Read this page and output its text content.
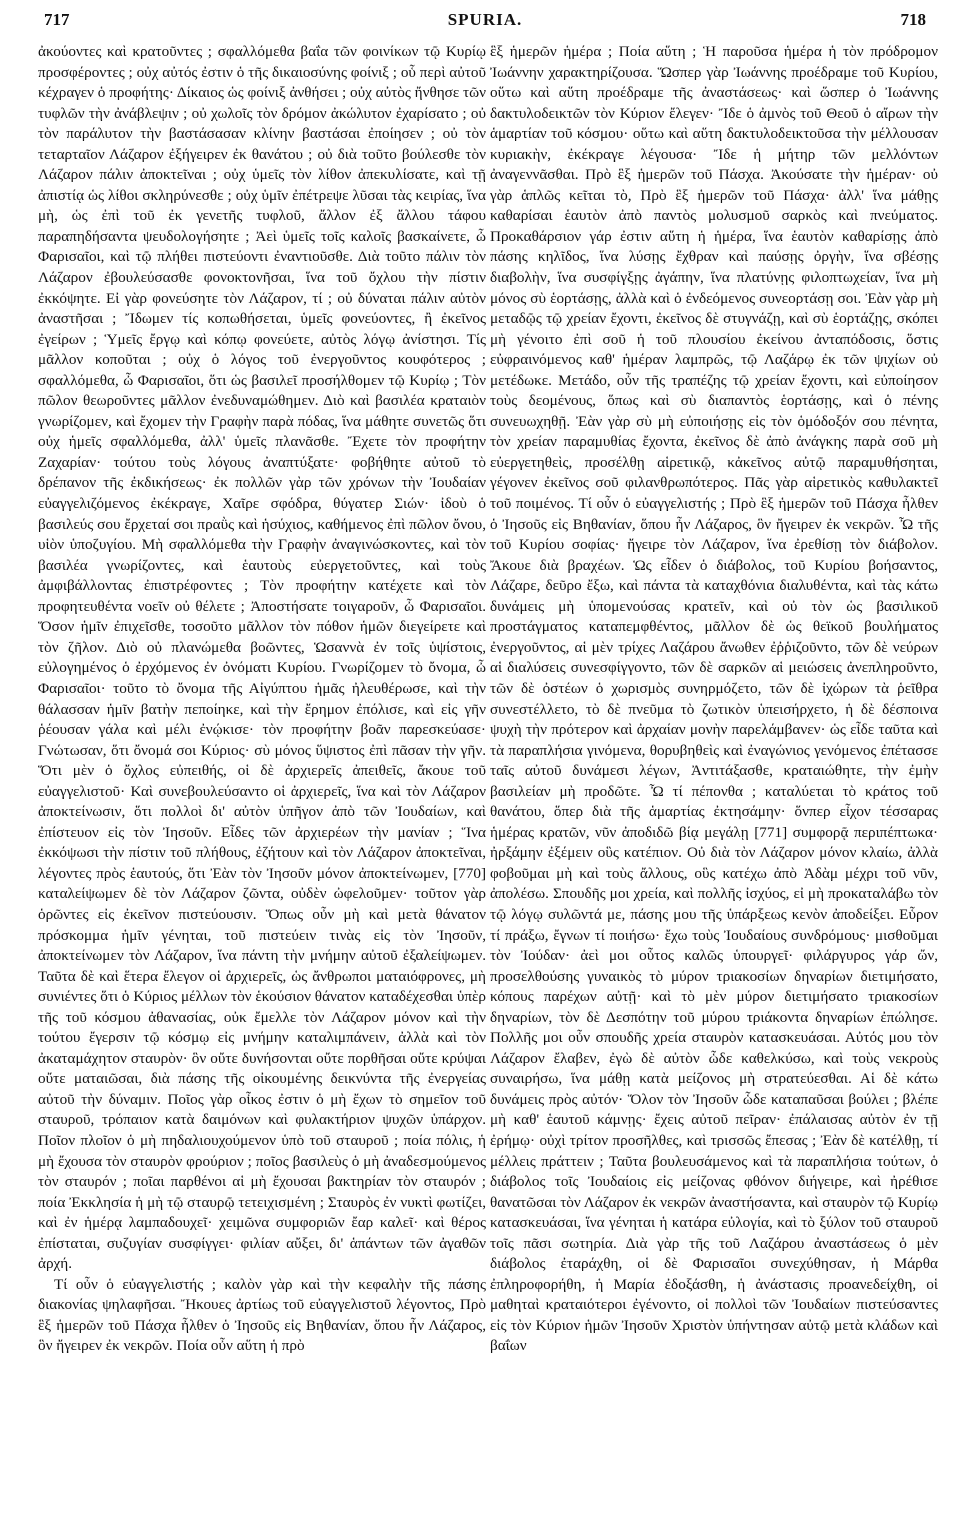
717	SPURIA.	718

ἀκούοντες καὶ κρατοῦντες ; σφαλλόμεθα βαΐα τῶν φοινίκων τῷ Κυρίῳ προσφέροντες ; οὐχ αὐτός ἐστιν ὁ τῆς δικαιοσύνης φοίνιξ ; οὗ περὶ αὐτοῦ κέχραγεν ὁ προφήτης· Δίκαιος ὡς φοίνιξ ἀνθήσει ; οὐχ αὐτὸς ἤνθησε τῶν τυφλῶν τὴν ἀνάβλεψιν ; οὐ χωλοῖς τὸν δρόμον ἀκώλυτον ἐχαρίσατο ; οὐ τὸν παράλυτον τὴν βαστάσασαν κλίνην βαστάσαι ἐποίησεν ; οὐ τὸν τεταρταῖον Λάζαρον ἐξήγειρεν ἐκ θανάτου ; οὐ διὰ τοῦτο βούλεσθε τὸν Λάζαρον πάλιν ἀποκτεῖναι ; οὐχ ὑμεῖς τὸν λίθον ἀπεκυλίσατε, καὶ τῇ ἀπιστίᾳ ὡς λίθοι σκληρύνεσθε ; οὐχ ὑμῖν ἐπέτρεψε λῦσαι τὰς κειρίας, ἵνα μὴ, ὡς ἐπὶ τοῦ ἐκ γενετῆς τυφλοῦ, ἄλλον ἐξ ἄλλου τάφου παραπηδήσαντα ψευδολογήσητε ; Ἀεὶ ὑμεῖς τοῖς καλοῖς βασκαίνετε, ὦ Φαρισαῖοι, καὶ τῷ πλήθει πιστεύοντι ἐναντιοῦσθε. Διὰ τοῦτο πάλιν τὸν Λάζαρον ἐβουλεύσασθε φονοκτονῆσαι, ἵνα τοῦ ὄχλου τὴν πίστιν ἐκκόψητε. Εἰ γὰρ φονεύσητε τὸν Λάζαρον, τί ; οὐ δύναται πάλιν αὐτὸν ἀναστῆσαι ; Ἴδωμεν τίς κοπωθήσεται, ὑμεῖς φονεύοντες, ἢ ἐκεῖνος ἐγείρων ; Ὑμεῖς ἔργῳ καὶ κόπῳ φονεύετε, αὐτὸς λόγῳ ἀνίστησι. Τίς μᾶλλον κοποῦται ; οὐχ ὁ λόγος τοῦ ἐνεργοῦντος κουφότερος ; σφαλλόμεθα, ὦ Φαρισαῖοι, ὅτι ὡς βασιλεῖ προσήλθομεν τῷ Κυρίῳ ; Τὸν πῶλον θεωροῦντες μᾶλλον ἐνεδυναμώθημεν. Διὸ καὶ βασιλέα κραταιὸν γνωρίζομεν, καὶ ἔχομεν τὴν Γραφὴν παρὰ πόδας, ἵνα μάθητε συνετῶς ὅτι οὐχ ἡμεῖς σφαλλόμεθα, ἀλλ' ὑμεῖς πλανᾶσθε. Ἔχετε τὸν προφήτην Ζαχαρίαν· τούτου τοὺς λόγους ἀναπτύξατε· φοβήθητε αὐτοῦ τὸ δρέπανον τῆς ἐκδικήσεως· ἐκ πολλῶν γὰρ τῶν χρόνων τὴν Ἰουδαίαν εὐαγγελιζόμενος ἐκέκραγε, Χαῖρε σφόδρα, θύγατερ Σιών· ἰδοὺ ὁ βασιλεύς σου ἔρχεταί σοι πραῢς καὶ ἡσύχιος, καθήμενος ἐπὶ πῶλον ὄνου, υἱὸν ὑποζυγίου. Μὴ σφαλλόμεθα τὴν Γραφὴν ἀναγινώσκοντες, καὶ τὸν βασιλέα γνωρίζοντες, καὶ ἑαυτοὺς εὐεργετοῦντες, καὶ τοὺς ἀμφιβάλλοντας ἐπιστρέφοντες ; Τὸν προφήτην κατέχετε καὶ τὸν προφητευθέντα νοεῖν οὐ θέλετε ; Ἀποστήσατε τοιγαροῦν, ὦ Φαρισαῖοι. Ὅσον ἡμῖν ἐπιχεῖσθε, τοσοῦτο μᾶλλον τὸν πόθον ἡμῶν διεγείρετε καὶ τὸν ζῆλον. Διὸ οὐ πλανώμεθα βοῶντες, Ὡσαννὰ ἐν τοῖς ὑψίστοις, εὐλογημένος ὁ ἐρχόμενος ἐν ὀνόματι Κυρίου. Γνωρίζομεν τὸ ὄνομα, ὦ Φαρισαῖοι· τοῦτο τὸ ὄνομα τῆς Αἰγύπτου ἡμᾶς ἠλευθέρωσε, καὶ τὴν θάλασσαν ἡμῖν βατὴν πεποίηκε, καὶ τὴν ἔρημον ἐπόλισε, καὶ εἰς γῆν ῥέουσαν γάλα καὶ μέλι ἐνῴκισε· τὸν προφήτην βοᾶν παρεσκεύασε· Γνώτωσαν, ὅτι ὄνομά σοι Κύριος· σὺ μόνος ὕψιστος ἐπὶ πᾶσαν τὴν γῆν. Ὅτι μὲν ὁ ὄχλος εὐπειθής, οἱ δὲ ἀρχιερεῖς ἀπειθεῖς, ἄκουε τοῦ εὐαγγελιστοῦ· Καὶ συνεβουλεύσαντο οἱ ἀρχιερεῖς, ἵνα καὶ τὸν Λάζαρον ἀποκτείνωσιν, ὅτι πολλοὶ δι' αὐτὸν ὑπῆγον ἀπὸ τῶν Ἰουδαίων, καὶ ἐπίστευον εἰς τὸν Ἰησοῦν. Εἶδες τῶν ἀρχιερέων τὴν μανίαν ; Ἵνα ἐκκόψωσι τὴν πίστιν τοῦ πλήθους, ἐζήτουν καὶ τὸν Λάζαρον ἀποκτεῖναι, λέγοντες πρὸς ἑαυτούς, ὅτι Ἐὰν τὸν Ἰησοῦν μόνον ἀποκτείνωμεν, [770] καταλείψωμεν δὲ τὸν Λάζαρον ζῶντα, οὐδὲν ὠφελοῦμεν· τοῦτον γὰρ ὁρῶντες εἰς ἐκεῖνον πιστεύουσιν. Ὅπως οὖν μὴ καὶ μετὰ θάνατον πρόσκομμα ἡμῖν γένηται, τοῦ πιστεύειν τινὰς εἰς τὸν Ἰησοῦν, ἀποκτείνωμεν τὸν Λάζαρον, ἵνα πάντη τὴν μνήμην αὐτοῦ ἐξαλείψωμεν. Ταῦτα δὲ καὶ ἕτερα ἔλεγον οἱ ἀρχιερεῖς, ὡς ἄνθρωποι ματαιόφρονες, μὴ συνιέντες ὅτι ὁ Κύριος μέλλων τὸν ἑκούσιον θάνατον καταδέχεσθαι ὑπὲρ τῆς τοῦ κόσμου ἀθανασίας, οὐκ ἔμελλε τὸν Λάζαρον μόνον καὶ τὴν τούτου ἔγερσιν τῷ κόσμῳ εἰς μνήμην καταλιμπάνειν, ἀλλὰ καὶ τὸν ἀκαταμάχητον σταυρὸν· ὃν οὔτε δυνήσονται οὔτε πορθῆσαι οὔτε κρύψαι οὔτε ματαιῶσαι, διὰ πάσης τῆς οἰκουμένης δεικνύντα τῆς ἐνεργείας αὐτοῦ τὴν δύναμιν. Ποῖος γὰρ οἶκος ἐστιν ὁ μὴ ἔχων τὸ σημεῖον τοῦ σταυροῦ, τρόπαιον κατὰ δαιμόνων καὶ φυλακτήριον ψυχῶν ὑπάρχον. Ποῖον πλοῖον ὁ μὴ πηδαλιουχούμενον ὑπὸ τοῦ σταυροῦ ; ποία πόλις, ἡ μὴ ἔχουσα τὸν σταυρὸν φρούριον ; ποῖος βασιλεὺς ὁ μὴ ἀναδεσμούμενος τὸν σταυρόν ; ποῖαι παρθένοι αἱ μὴ ἔχουσαι βακτηρίαν τὸν σταυρόν ; ποία Ἐκκλησία ἡ μὴ τῷ σταυρῷ τετειχισμένη ; Σταυρὸς ἐν νυκτὶ φωτίζει, καὶ ἐν ἡμέρᾳ λαμπαδουχεῖ· χειμῶνα συμφοριῶν ἔαρ καλεῖ· καὶ θέρος ἐπίσταται, συζυγίαν συσφίγγει· φιλίαν αὔξει, δι' ἁπάντων τῶν ἀγαθῶν ἀρχή.

Τί οὖν ὁ εὐαγγελιστής ; καλὸν γὰρ καὶ τὴν κεφαλὴν τῆς πάσης διακονίας ψηλαφῆσαι. Ἤκουες ἀρτίως τοῦ εὐαγγελιστοῦ λέγοντος, Πρὸ ἓξ ἡμερῶν τοῦ Πάσχα ἦλθεν ὁ Ἰησοῦς εἰς Βηθανίαν, ὅπου ἦν Λάζαρος, ὃν ἤγειρεν ἐκ νεκρῶν. Ποία οὖν αὕτη ἡ πρὸ

ἓξ ἡμερῶν ἡμέρα ; Ποία αὕτη ; Ἡ παροῦσα ἡμέρα ἡ τὸν πρόδρομον Ἰωάννην χαρακτηρίζουσα. Ὥσπερ γὰρ Ἰωάννης προέδραμε τοῦ Κυρίου, οὕτω καὶ αὕτη προέδραμε τῆς ἀναστάσεως· καὶ ὥσπερ ὁ Ἰωάννης δακτυλοδεικτῶν τὸν Κύριον ἔλεγεν· Ἴδε ὁ ἀμνὸς τοῦ Θεοῦ ὁ αἴρων τὴν ἁμαρτίαν τοῦ κόσμου· οὕτω καὶ αὕτη δακτυλοδεικτοῦσα τὴν μέλλουσαν κυριακὴν, ἐκέκραγε λέγουσα· Ἴδε ἡ μήτηρ τῶν μελλόντων ἀναγεννᾶσθαι. Πρὸ ἓξ ἡμερῶν τοῦ Πάσχα. Ἀκούσατε τὴν ἡμέραν· οὐ γὰρ ἁπλῶς κεῖται τὸ, Πρὸ ἓξ ἡμερῶν τοῦ Πάσχα· ἀλλ' ἵνα μάθῃς καθαρίσαι ἑαυτὸν ἀπὸ παντὸς μολυσμοῦ σαρκὸς καὶ πνεύματος. Προκαθάρσιον γάρ ἐστιν αὕτη ἡ ἡμέρα, ἵνα ἑαυτὸν καθαρίσῃς ἀπὸ πάσης κηλῖδος, ἵνα λύσῃς ἔχθραν καὶ παύσῃς ὀργὴν, ἵνα σβέσῃς διαβολὴν, ἵνα συσφίγξῃς ἀγάπην, ἵνα πλατύνῃς φιλοπτωχείαν, ἵνα μὴ μόνος σὺ ἑορτάσῃς, ἀλλὰ καὶ ὁ ἐνδεόμενος συνεορτάσῃ σοι. Ἐὰν γὰρ μὴ μεταδῷς τῷ χρείαν ἔχοντι, ἐκεῖνος δὲ στυγνάζῃ, καὶ σὺ ἑορτάζῃς, σκόπει μὴ γένοιτο ἐπὶ σοῦ ἡ τοῦ πλουσίου ἐκείνου ἀνταπόδοσις, ὅστις εὐφραινόμενος καθ' ἡμέραν λαμπρῶς, τῷ Λαζάρῳ ἐκ τῶν ψιχίων οὐ μετέδωκε. Μετάδο, οὖν τῆς τραπέζης τῷ χρείαν ἔχοντι, καὶ εὐποίησον τοὺς δεομένους, ὅπως καὶ σὺ διαπαντὸς ἑορτάσῃς, καὶ ὁ πένης συνευωχηθῇ. Ἐὰν γὰρ σὺ μὴ εὐποιήσῃς εἰς τὸν ὁμόδοξόν σου πένητα, τὸν χρείαν παραμυθίας ἔχοντα, ἐκεῖνος δὲ ἀπὸ ἀνάγκης παρὰ σοῦ μὴ εὐεργετηθεὶς, προσέλθῃ αἱρετικῷ, κἀκεῖνος αὐτῷ παραμυθήσηται, γέγονεν ἐκεῖνος σοῦ φιλανθρωπότερος. Πᾶς γὰρ αἱρετικὸς καθυλακτεῖ τοῦ ποιμένος. Τί οὖν ὁ εὐαγγελιστής ; Πρὸ ἓξ ἡμερῶν τοῦ Πάσχα ἦλθεν ὁ Ἰησοῦς εἰς Βηθανίαν, ὅπου ἦν Λάζαρος, ὃν ἤγειρεν ἐκ νεκρῶν. Ὦ τῆς τοῦ Κυρίου σοφίας· ἤγειρε τὸν Λάζαρον, ἵνα ἐρεθίσῃ τὸν διάβολον. Ἄκουε διὰ βραχέων. Ὡς εἶδεν ὁ διάβολος, τοῦ Κυρίου βοήσαντος, Λάζαρε, δεῦρο ἔξω, καὶ πάντα τὰ καταχθόνια διαλυθέντα, καὶ τὰς κάτω δυνάμεις μὴ ὑπομενούσας κρατεῖν, καὶ οὐ τὸν ὡς βασιλικοῦ προστάγματος καταπεμφθέντος, μᾶλλον δὲ ὡς θεϊκοῦ βουλήματος ἐνεργοῦντος, αἱ μὲν τρίχες Λαζάρου ἄνωθεν ἐῤῥιζοῦντο, τῶν δὲ νεύρων αἱ διαλύσεις συνεσφίγγοντο, τῶν δὲ σαρκῶν αἱ μειώσεις ἀνεπληροῦντο, τῶν δὲ ὀστέων ὁ χωρισμὸς συνηρμόζετο, τῶν δὲ ἰχώρων τὰ ῥεῖθρα συνεστέλλετο, τὸ δὲ πνεῦμα τὸ ζωτικὸν ὑπεισήρχετο, ἡ δὲ δέσποινα ψυχὴ τὴν πρότερον καὶ ἀρχαίαν μονὴν παρελάμβανεν· ὡς εἶδε ταῦτα καὶ τὰ παραπλήσια γινόμενα, θορυβηθεὶς καὶ ἐναγώνιος γενόμενος ἐπέτασσε ταῖς αὐτοῦ δυνάμεσι λέγων, Ἀντιτάξασθε, κραταιώθητε, τὴν ἐμὴν βασιλείαν μὴ προδῶτε. Ὦ τί πέπονθα ; καταλύεται τὸ κράτος τοῦ θανάτου, ὅπερ διὰ τῆς ἁμαρτίας ἐκτησάμην· ὅνπερ εἶχον τέσσαρας ἡμέρας κρατῶν, νῦν ἀποδιδῶ βίᾳ μεγάλῃ [771] συμφορᾷ περιπέπτωκα· ἠρξάμην ἐξέμειν οὓς κατέπιον. Οὐ διὰ τὸν Λάζαρον μόνον κλαίω, ἀλλὰ φοβοῦμαι μὴ καὶ τοὺς ἄλλους, οὓς κατέχω ἀπὸ Ἀδὰμ μέχρι τοῦ νῦν, ἀπολέσω. Σπουδῆς μοι χρεία, καὶ πολλῆς ἰσχύος, εἰ μὴ προκαταλάβω τὸν τῷ λόγῳ συλῶντά με, πάσης μου τῆς ὑπάρξεως κενὸν ἀποδείξει. Εὗρον τί πράξω, ἔγνων τί ποιήσω· ἔχω τοὺς Ἰουδαίους συνδρόμους· μισθοῦμαι τὸν Ἰούδαν· ἀεὶ μοι οὗτος καλῶς ὑπουργεῖ· φιλάργυρος γάρ ὤν, προσελθούσης γυναικὸς τὸ μύρον τριακοσίων δηναρίων διετιμήσατο, κόπους παρέχων αὐτῇ· καὶ τὸ μὲν μύρον διετιμήσατο τριακοσίων δηναρίων, τὸν δὲ Δεσπότην τοῦ μύρου τριάκοντα δηναρίων ἐπώλησε. Πολλῆς μοι οὖν σπουδῆς χρεία σταυρὸν κατασκευάσαι. Αὐτός μου τὸν Λάζαρον ἔλαβεν, ἐγὼ δὲ αὐτὸν ὧδε καθελκύσω, καὶ τοὺς νεκροὺς συναιρήσω, ἵνα μάθῃ κατὰ μείζονος μὴ στρατεύεσθαι. Αἱ δὲ κάτω δυνάμεις πρὸς αὐτόν· Ὅλον τὸν Ἰησοῦν ὧδε καταπαῦσαι βούλει ; βλέπε μὴ καθ' ἑαυτοῦ κάμνῃς· ἔχεις αὐτοῦ πεῖραν· ἐπάλαισας αὐτὸν ἐν τῇ ἐρήμῳ· οὐχὶ τρίτον προσῆλθες, καὶ τρισσῶς ἔπεσας ; Ἐὰν δὲ κατέλθῃ, τί μέλλεις πράττειν ; Ταῦτα βουλευσάμενος καὶ τὰ παραπλήσια τούτων, ὁ διάβολος τοῖς Ἰουδαίοις εἰς μείζονας φθόνον διήγειρε, καὶ ἠρέθισε θανατῶσαι τὸν Λάζαρον ἐκ νεκρῶν ἀναστήσαντα, καὶ σταυρὸν τῷ Κυρίῳ κατασκευάσαι, ἵνα γένηται ἡ κατάρα εὐλογία, καὶ τὸ ξύλον τοῦ σταυροῦ τοῖς πᾶσι σωτηρία. Διὰ γὰρ τῆς τοῦ Λαζάρου ἀναστάσεως ὁ μὲν διάβολος ἐταράχθη, οἱ δὲ Φαρισαῖοι συνεχύθησαν, ἡ Μάρθα ἐπληροφορήθη, ἡ Μαρία ἐδοξάσθη, ἡ ἀνάστασις προανεδείχθη, οἱ μαθηταὶ κραταιότεροι ἐγένοντο, οἱ πολλοὶ τῶν Ἰουδαίων πιστεύσαντες εἰς τὸν Κύριον ἡμῶν Ἰησοῦν Χριστὸν ὑπήντησαν αὐτῷ μετὰ κλάδων καὶ βαΐων
